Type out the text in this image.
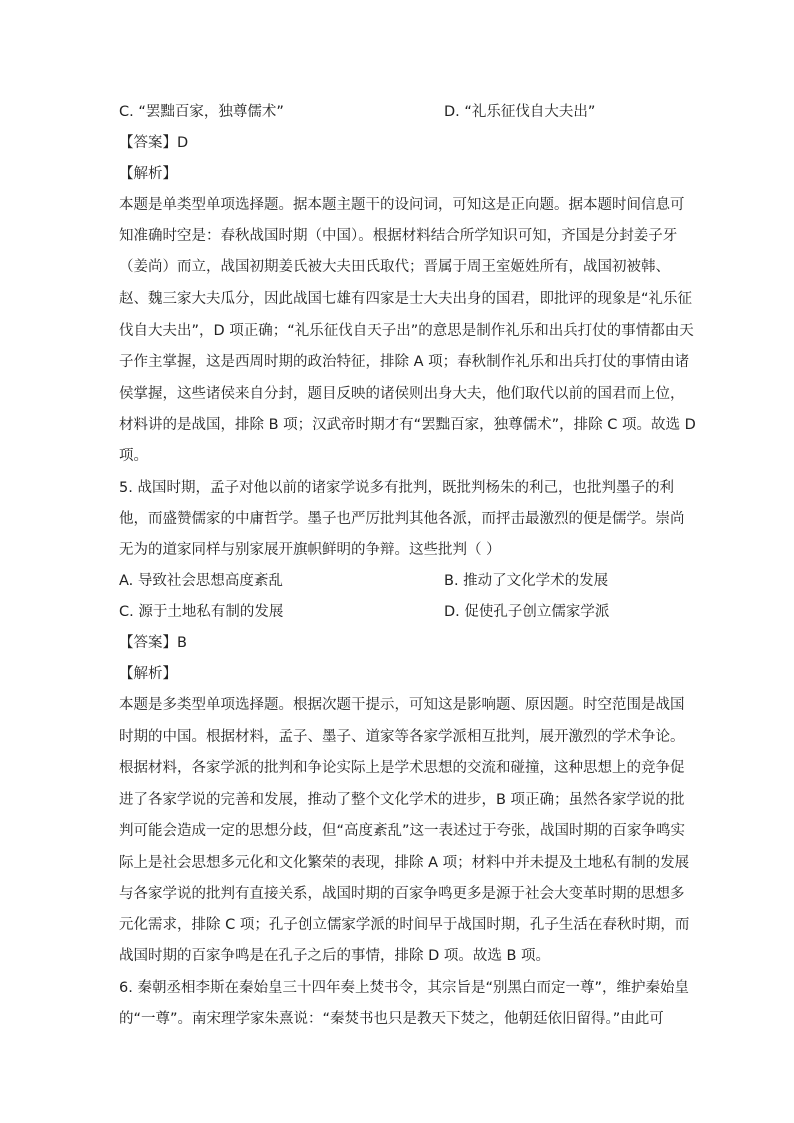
C. “罢黜百家，独尊儒术”	D. “礼乐征伐自大夫出”
【答案】D
【解析】
本题是单类型单项选择题。据本题主题干的设问词，可知这是正向题。据本题时间信息可
知准确时空是：春秋战国时期（中国）。根据材料结合所学知识可知，齐国是分封姜子牙
（姜尚）而立，战国初期姜氏被大夫田氏取代；晋属于周王室姬姓所有，战国初被韩、
赵、魏三家大夫瓜分，因此战国七雄有四家是士大夫出身的国君，即批评的现象是“礼乐征
伐自大夫出”，D 项正确；“礼乐征伐自天子出”的意思是制作礼乐和出兵打仗的事情都由天
子作主掌握，这是西周时期的政治特征，排除 A 项；春秋制作礼乐和出兵打仗的事情由诸
侯掌握，这些诸侯来自分封，题目反映的诸侯则出身大夫，他们取代以前的国君而上位，
材料讲的是战国，排除 B 项；汉武帝时期才有“罢黜百家，独尊儒术”，排除 C 项。故选 D
项。
5. 战国时期，孟子对他以前的诸家学说多有批判，既批判杨朱的利己，也批判墨子的利
他，而盛赞儒家的中庸哲学。墨子也严厉批判其他各派，而抨击最激烈的便是儒学。崇尚
无为的道家同样与别家展开旗帜鲜明的争辩。这些批判（ ）
A. 导致社会思想高度紊乱	B. 推动了文化学术的发展
C. 源于土地私有制的发展	D. 促使孔子创立儒家学派
【答案】B
【解析】
本题是多类型单项选择题。根据次题干提示，可知这是影响题、原因题。时空范围是战国
时期的中国。根据材料，孟子、墨子、道家等各家学派相互批判，展开激烈的学术争论。
根据材料，各家学派的批判和争论实际上是学术思想的交流和碰撞，这种思想上的竞争促
进了各家学说的完善和发展，推动了整个文化学术的进步，B 项正确；虽然各家学说的批
判可能会造成一定的思想分歧，但“高度紊乱”这一表述过于夸张，战国时期的百家争鸣实
际上是社会思想多元化和文化繁荣的表现，排除 A 项；材料中并未提及土地私有制的发展
与各家学说的批判有直接关系，战国时期的百家争鸣更多是源于社会大变革时期的思想多
元化需求，排除 C 项；孔子创立儒家学派的时间早于战国时期，孔子生活在春秋时期，而
战国时期的百家争鸣是在孔子之后的事情，排除 D 项。故选 B 项。
6. 秦朝丞相李斯在秦始皇三十四年奏上焚书令，其宗旨是“别黑白而定一尊”，维护秦始皇
的“一尊”。南宋理学家朱熹说：“秦焚书也只是教天下焚之，他朝廷依旧留得。”由此可
